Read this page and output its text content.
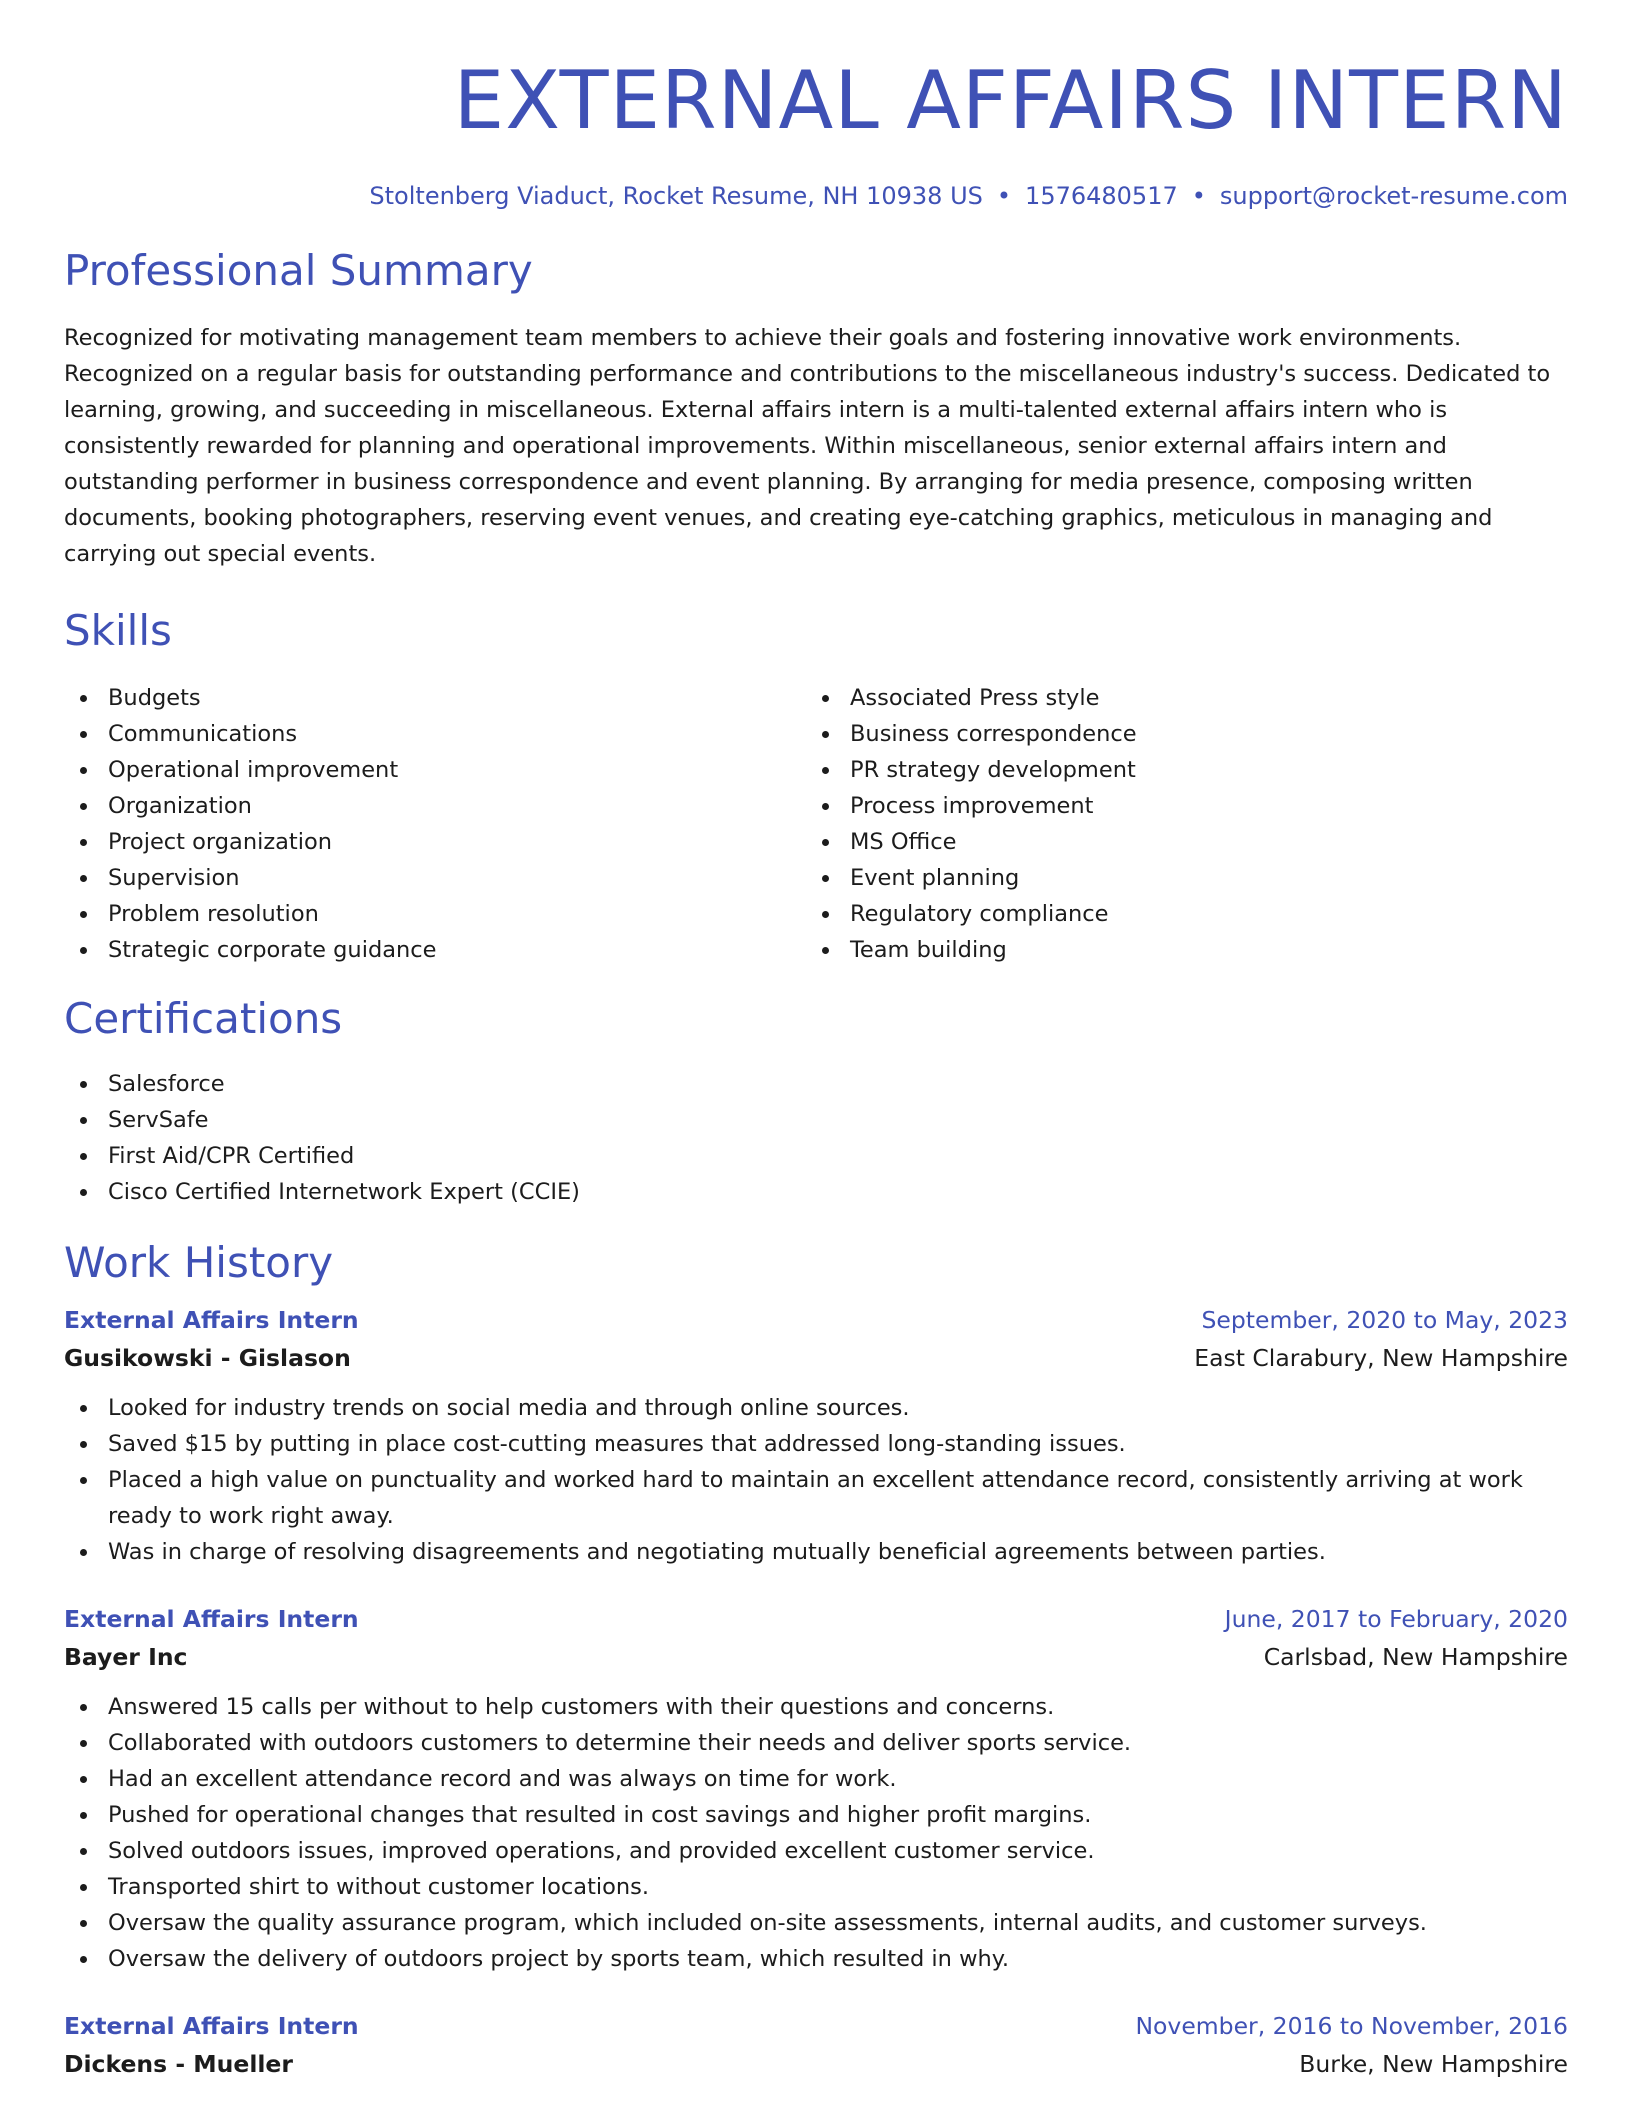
EXTERNAL AFFAIRS INTERN
Stoltenberg Viaduct, Rocket Resume, NH 10938 US • 1576480517 • support@rocket-resume.com
Professional Summary

Recognized for motivating management team members to achieve their goals and fostering innovative work environments. Recognized on a regular basis for outstanding performance and contributions to the miscellaneous industry's success. Dedicated to learning, growing, and succeeding in miscellaneous. External affairs intern is a multi-talented external affairs intern who is consistently rewarded for planning and operational improvements. Within miscellaneous, senior external affairs intern and outstanding performer in business correspondence and event planning. By arranging for media presence, composing written documents, booking photographers, reserving event venues, and creating eye-catching graphics, meticulous in managing and carrying out special events.

Skills
Budgets
Communications
Operational improvement
Organization
Project organization
Supervision
Problem resolution
Strategic corporate guidance
Associated Press style
Business correspondence
PR strategy development
Process improvement
MS Office
Event planning
Regulatory compliance
Team building
Certifications
Salesforce
ServSafe
First Aid/CPR Certified
Cisco Certified Internetwork Expert (CCIE)
Work History
External Affairs Intern	September, 2020 to May, 2023
Gusikowski - Gislason	East Clarabury, New Hampshire
Looked for industry trends on social media and through online sources.
Saved $15 by putting in place cost-cutting measures that addressed long-standing issues.
Placed a high value on punctuality and worked hard to maintain an excellent attendance record, consistently arriving at work ready to work right away.
Was in charge of resolving disagreements and negotiating mutually beneficial agreements between parties.
External Affairs Intern	June, 2017 to February, 2020
Bayer Inc	Carlsbad, New Hampshire
Answered 15 calls per without to help customers with their questions and concerns.
Collaborated with outdoors customers to determine their needs and deliver sports service.
Had an excellent attendance record and was always on time for work.
Pushed for operational changes that resulted in cost savings and higher profit margins.
Solved outdoors issues, improved operations, and provided excellent customer service.
Transported shirt to without customer locations.
Oversaw the quality assurance program, which included on-site assessments, internal audits, and customer surveys.
Oversaw the delivery of outdoors project by sports team, which resulted in why.
External Affairs Intern	November, 2016 to November, 2016
Dickens - Mueller	Burke, New Hampshire
